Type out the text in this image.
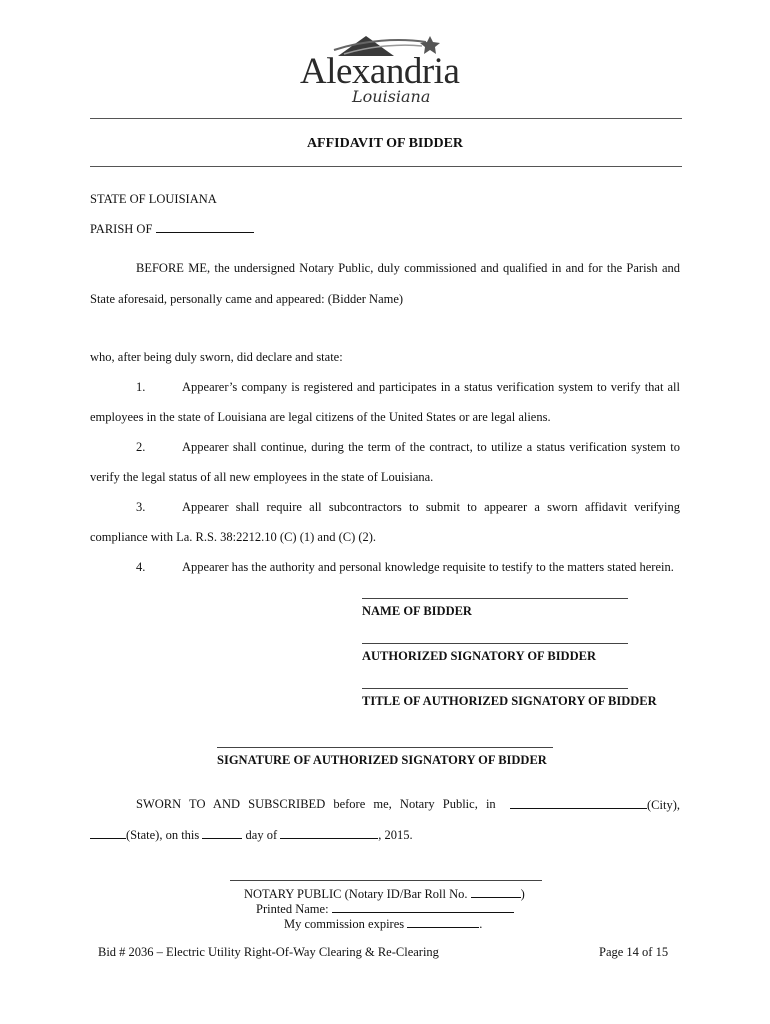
Alexandria
Louisiana
AFFIDAVIT OF BIDDER
STATE OF LOUISIANA
PARISH OF
BEFORE ME, the undersigned Notary Public, duly commissioned and qualified in and for the Parish and
State aforesaid, personally came and appeared: (Bidder Name)
who, after being duly sworn, did declare and state:
1.	Appearer’s company is registered and participates in a status verification system to verify that all
employees in the state of Louisiana are legal citizens of the United States or are legal aliens.
2.	Appearer shall continue, during the term of the contract, to utilize a status verification system to
verify the legal status of all new employees in the state of Louisiana.
3.	Appearer shall require all subcontractors to submit to appearer a sworn affidavit verifying
compliance with La. R.S. 38:2212.10 (C) (1) and (C) (2).
4.	Appearer has the authority and personal knowledge requisite to testify to the matters stated herein.
NAME OF BIDDER
AUTHORIZED SIGNATORY OF BIDDER
TITLE OF AUTHORIZED SIGNATORY OF BIDDER
SIGNATURE OF AUTHORIZED SIGNATORY OF BIDDER
SWORN TO AND SUBSCRIBED before me, Notary Public, in	(City),
(State), on this	day of	, 2015.
NOTARY PUBLIC (Notary ID/Bar Roll No.	)
Printed Name:
My commission expires	.
Bid # 2036 – Electric Utility Right-Of-Way Clearing & Re-Clearing	Page 14 of 15
